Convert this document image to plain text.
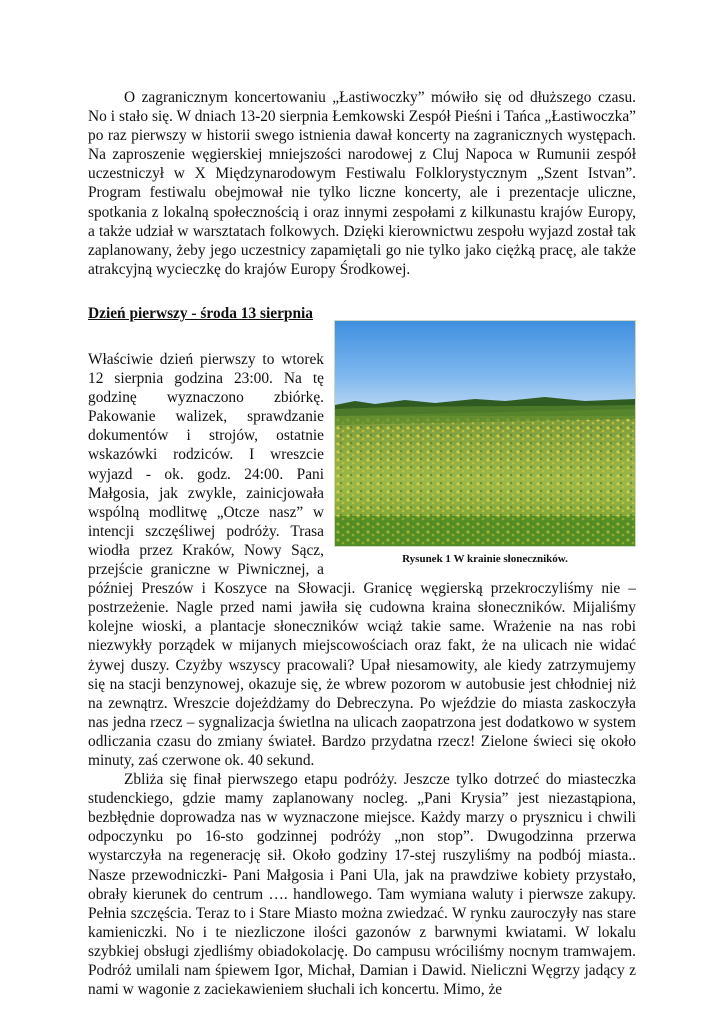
O zagranicznym koncertowaniu „Łastiwoczky” mówiło się od dłuższego czasu. No i stało się. W dniach 13-20 sierpnia Łemkowski Zespół Pieśni i Tańca „Łastiwoczka” po raz pierwszy w historii swego istnienia dawał koncerty na zagranicznych występach. Na zaproszenie węgierskiej mniejszości narodowej z Cluj Napoca w Rumunii zespół uczestniczył w X Międzynarodowym Festiwalu Folklorystycznym „Szent Istvan”. Program festiwalu obejmował nie tylko liczne koncerty, ale i prezentacje uliczne, spotkania z lokalną społecznością i oraz innymi zespołami z kilkunastu krajów Europy, a także udział w warsztatach folkowych. Dzięki kierownictwu zespołu wyjazd został tak zaplanowany, żeby jego uczestnicy zapamiętali go nie tylko jako ciężką pracę, ale także atrakcyjną wycieczkę do krajów Europy Środkowej.

Dzień pierwszy - środa 13 sierpnia

Rysunek 1 W krainie słoneczników.

Właściwie dzień pierwszy to wtorek 12 sierpnia godzina 23:00. Na tę godzinę wyznaczono zbiórkę. Pakowanie walizek, sprawdzanie dokumentów i strojów, ostatnie wskazówki rodziców. I wreszcie wyjazd - ok. godz. 24:00. Pani Małgosia, jak zwykle, zainicjowała wspólną modlitwę „Otcze nasz” w intencji szczęśliwej podróży. Trasa wiodła przez Kraków, Nowy Sącz, przejście graniczne w Piwnicznej, a później Preszów i Koszyce na Słowacji. Granicę węgierską przekroczyliśmy nie – postrzeżenie. Nagle przed nami jawiła się cudowna kraina słoneczników. Mijaliśmy kolejne wioski, a plantacje słoneczników wciąż takie same. Wrażenie na nas robi niezwykły porządek w mijanych miejscowościach oraz fakt, że na ulicach nie widać żywej duszy. Czyżby wszyscy pracowali? Upał niesamowity, ale kiedy zatrzymujemy się na stacji benzynowej, okazuje się, że wbrew pozorom w autobusie jest chłodniej niż na zewnątrz. Wreszcie dojeżdżamy do Debreczyna. Po wjeździe do miasta zaskoczyła nas jedna rzecz – sygnalizacja świetlna na ulicach zaopatrzona jest dodatkowo w system odliczania czasu do zmiany świateł. Bardzo przydatna rzecz! Zielone świeci się około minuty, zaś czerwone ok. 40 sekund.

Zbliża się finał pierwszego etapu podróży. Jeszcze tylko dotrzeć do miasteczka studenckiego, gdzie mamy zaplanowany nocleg. „Pani Krysia” jest niezastąpiona, bezbłędnie doprowadza nas w wyznaczone miejsce. Każdy marzy o prysznicu i chwili odpoczynku po 16-sto godzinnej podróży „non stop”. Dwugodzinna przerwa wystarczyła na regenerację sił. Około godziny 17-stej ruszyliśmy na podbój miasta.. Nasze przewodniczki- Pani Małgosia i Pani Ula, jak na prawdziwe kobiety przystało, obrały kierunek do centrum …. handlowego. Tam wymiana waluty i pierwsze zakupy. Pełnia szczęścia. Teraz to i Stare Miasto można zwiedzać. W rynku zauroczyły nas stare kamieniczki. No i te niezliczone ilości gazonów z barwnymi kwiatami. W lokalu szybkiej obsługi zjedliśmy obiadokolację. Do campusu wróciliśmy nocnym tramwajem. Podróż umilali nam śpiewem Igor, Michał, Damian i Dawid. Nieliczni Węgrzy jadący z nami w wagonie z zaciekawieniem słuchali ich koncertu. Mimo, że
